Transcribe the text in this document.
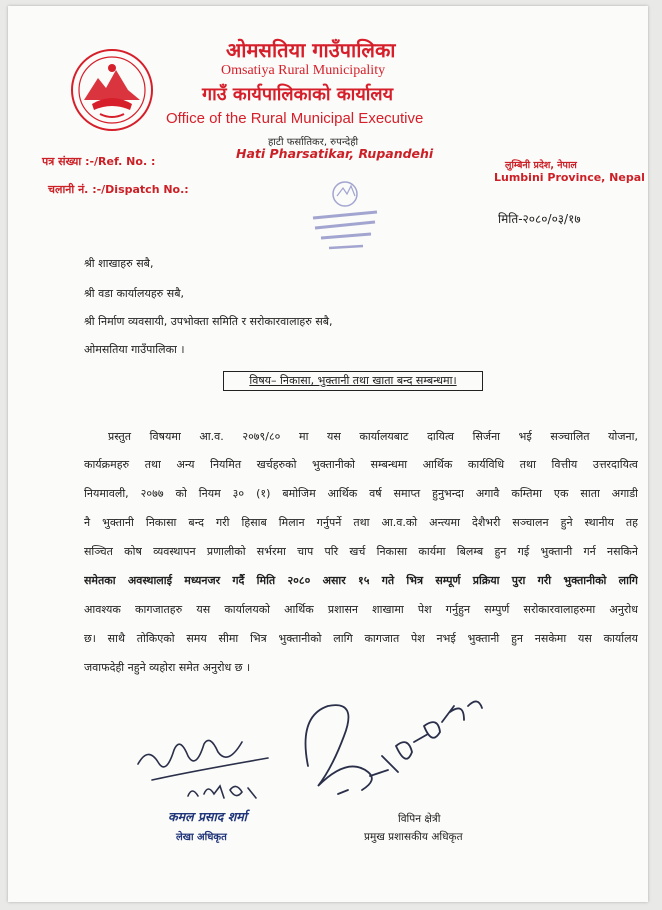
ओमसतिया गाउँपालिका
Omsatiya Rural Municipality
गाउँ कार्यपालिकाको कार्यालय
Office of the Rural Municipal Executive
हाटी फर्सातिकर, रुपन्देही
Hati Pharsatikar, Rupandehi
पत्र संख्या :-/Ref. No. :
चलानी नं. :-/Dispatch No.:
लुम्बिनी प्रदेश, नेपाल
Lumbini Province, Nepal
मिति-२०८०/०३/१७
श्री शाखाहरु सबै,
श्री वडा कार्यालयहरु सबै,
श्री निर्माण व्यवसायी, उपभोक्ता समिति र सरोकारवालाहरु सबै,
ओमसतिया गाउँपालिका ।
विषय– निकासा, भुक्तानी तथा खाता बन्द सम्बन्धमा।
प्रस्तुत विषयमा आ.व. २०७९/८० मा यस कार्यालयबाट दायित्व सिर्जना भई सञ्चालित योजना,
कार्यक्रमहरु तथा अन्य नियमित खर्चहरुको भुक्तानीको सम्बन्धमा आर्थिक कार्यविधि तथा वित्तीय उत्तरदायित्व
नियमावली, २०७७ को नियम ३० (१) बमोजिम आर्थिक वर्ष समाप्त हुनुभन्दा अगावै कम्तिमा एक साता अगाडी
नै भुक्तानी निकासा बन्द गरी हिसाब मिलान गर्नुपर्ने तथा आ.व.को अन्त्यमा देशैभरी सञ्चालन हुने स्थानीय तह
सञ्चित कोष व्यवस्थापन प्रणालीको सर्भरमा चाप परि खर्च निकासा कार्यमा बिलम्ब हुन गई भुक्तानी गर्न नसकिने
समेतका अवस्थालाई मध्यनजर गर्दै मिति २०८० असार १५ गते भित्र सम्पूर्ण प्रक्रिया पुरा गरी भुक्तानीको लागि
आवश्यक कागजातहरु यस कार्यालयको आर्थिक प्रशासन शाखामा पेश गर्नुहुन सम्पुर्ण सरोकारवालाहरुमा अनुरोध
छ। साथै तोकिएको समय सीमा भित्र भुक्तानीको लागि कागजात पेश नभई भुक्तानी हुन नसकेमा यस कार्यालय
जवाफदेही नहुने व्यहोरा समेत अनुरोध छ ।
कमल प्रसाद शर्मा
लेखा अधिकृत
विपिन क्षेत्री
प्रमुख प्रशासकीय अधिकृत
